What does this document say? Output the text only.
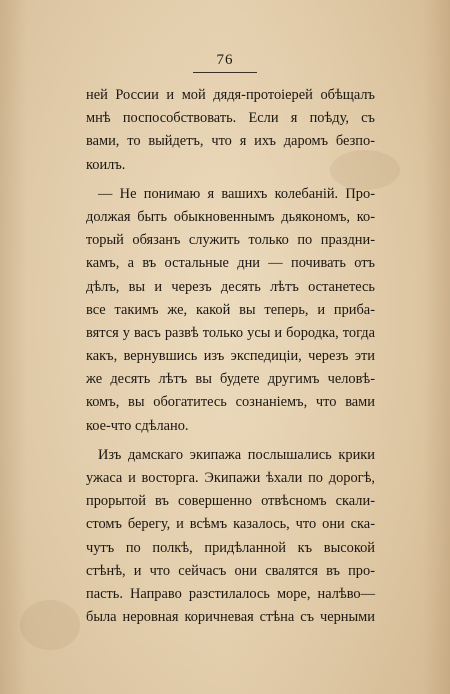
76
ней России и мой дядя-протоіерей обѣщалъ
мнѣ поспособствовать. Если я поѣду, съ
вами, то выйдетъ, что я ихъ даромъ безпо-
коилъ.
— Не понимаю я вашихъ колебаній. Про-
должая быть обыкновеннымъ дьякономъ, ко-
торый обязанъ служить только по праздни-
камъ, а въ остальные дни — почивать отъ
дѣлъ, вы и черезъ десять лѣтъ останетесь
все такимъ же, какой вы теперь, и приба-
вятся у васъ развѣ только усы и бородка, тогда
какъ, вернувшись изъ экспедиціи, черезъ эти
же десять лѣтъ вы будете другимъ человѣ-
комъ, вы обогатитесь сознаніемъ, что вами
кое-что сдѣлано.
Изъ дамскаго экипажа послышались крики
ужаса и восторга. Экипажи ѣхали по дорогѣ,
прорытой въ совершенно отвѣсномъ скали-
стомъ берегу, и всѣмъ казалось, что они ска-
чутъ по полкѣ, придѣланной къ высокой
стѣнѣ, и что сейчасъ они свалятся въ про-
пасть. Направо разстилалось море, налѣво—
была неровная коричневая стѣна съ черными
